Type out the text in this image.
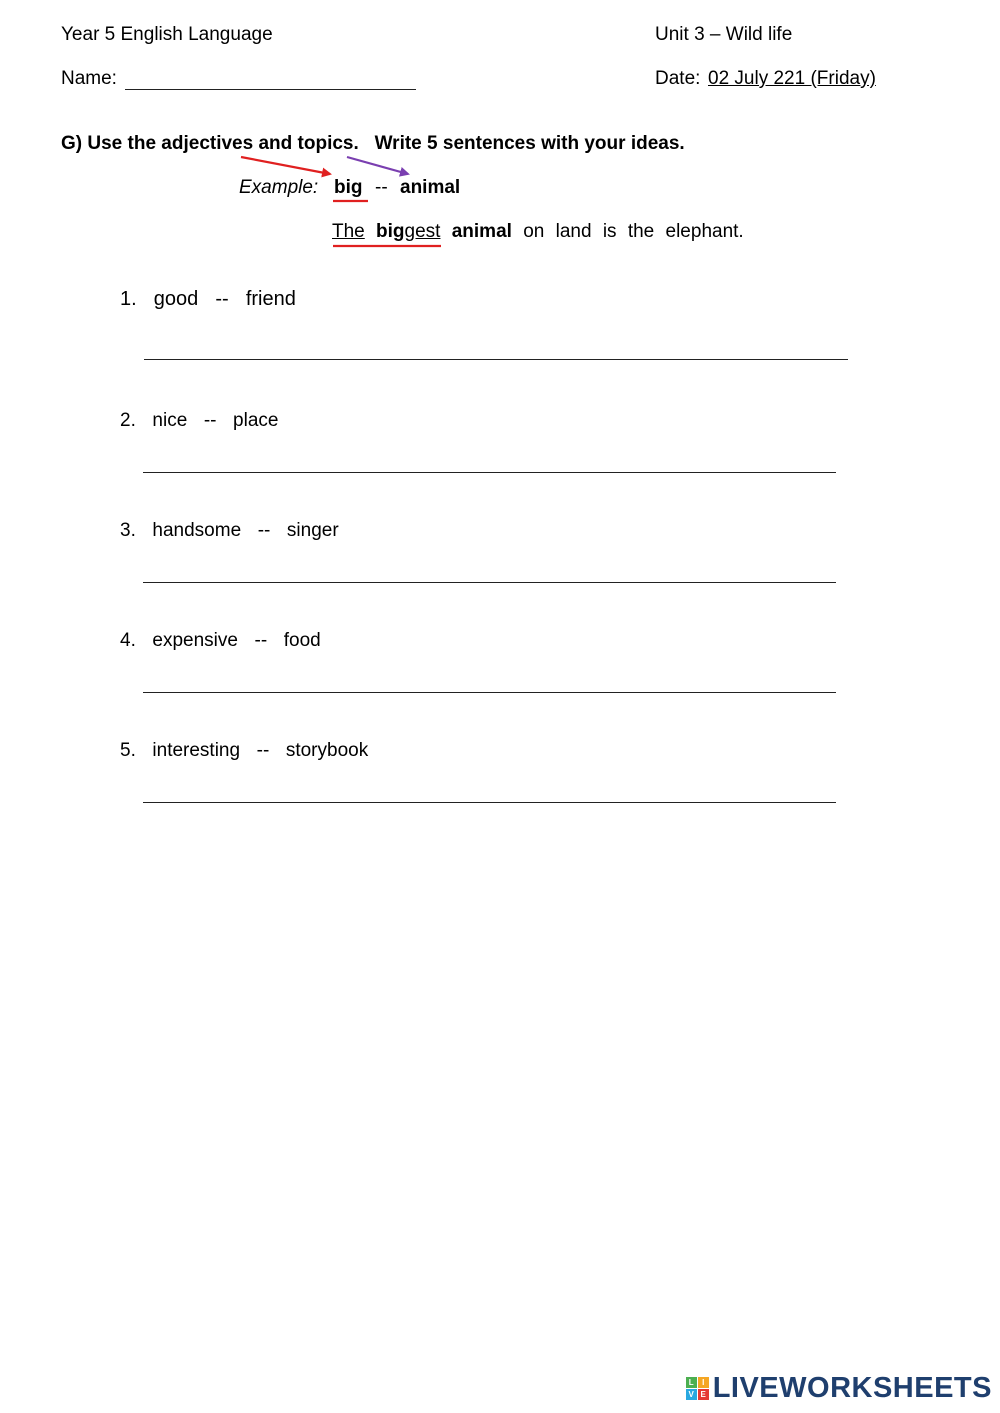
Year 5 English Language	Unit 3 – Wild life
Name:	Date: 02 July 221 (Friday)
G) Use the adjectives and topics.   Write 5 sentences with your ideas.
Example: big -- animal
The biggest animal on land is the elephant.
1.  good  --  friend
2.  nice  --  place
3.  handsome  --  singer
4.  expensive  --  food
5.  interesting  --  storybook
L	I
V E LIVEWORKSHEETS
